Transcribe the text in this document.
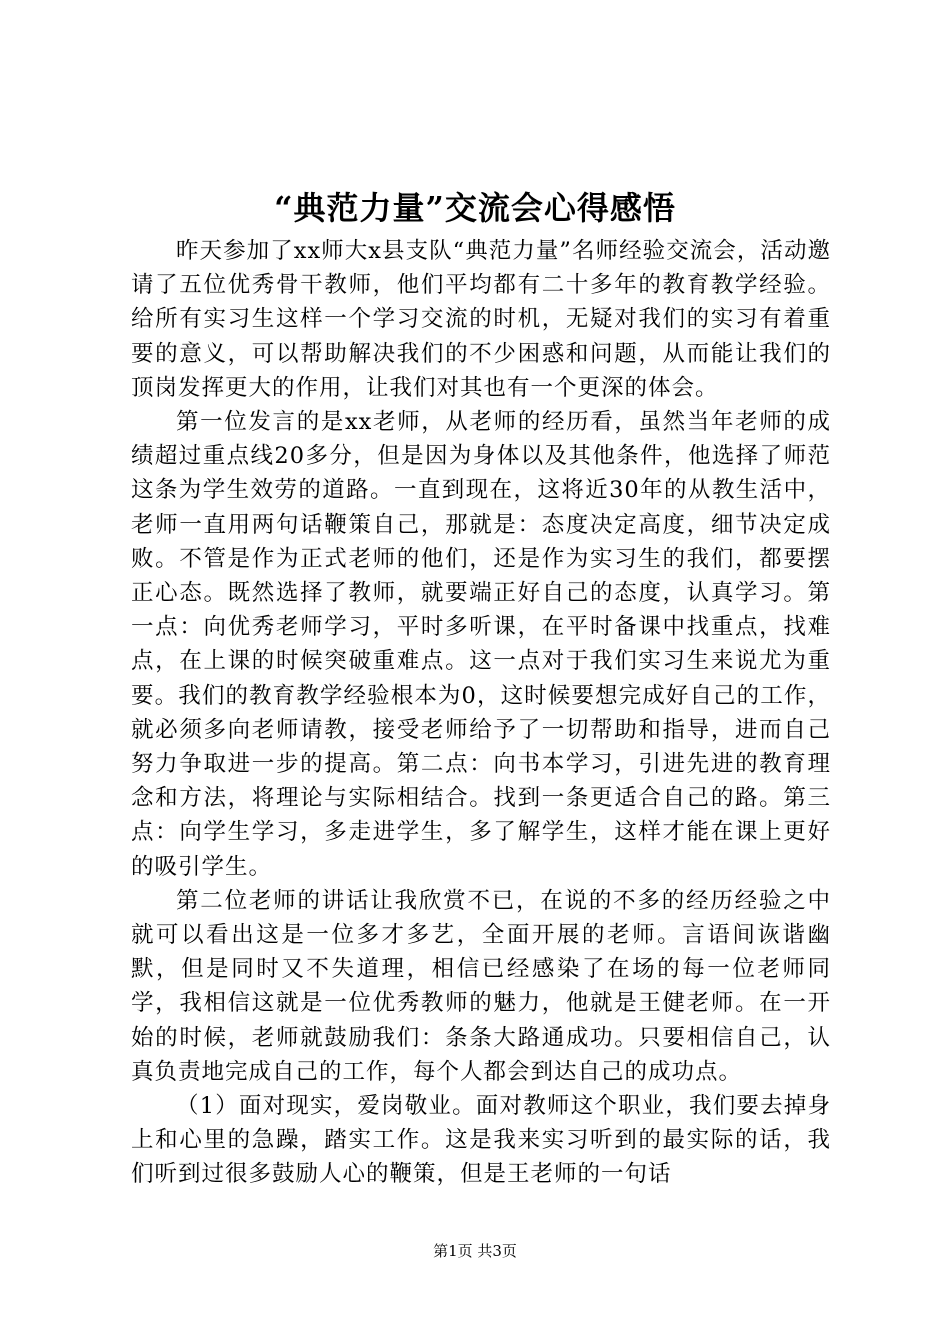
“典范力量”交流会心得感悟

昨天参加了xx师大x县支队“典范力量”名师经验交流会，活动邀请了五位优秀骨干教师，他们平均都有二十多年的教育教学经验。给所有实习生这样一个学习交流的时机，无疑对我们的实习有着重要的意义，可以帮助解决我们的不少困惑和问题，从而能让我们的顶岗发挥更大的作用，让我们对其也有一个更深的体会。

第一位发言的是xx老师，从老师的经历看，虽然当年老师的成绩超过重点线20多分，但是因为身体以及其他条件，他选择了师范这条为学生效劳的道路。一直到现在，这将近30年的从教生活中，老师一直用两句话鞭策自己，那就是：态度决定高度，细节决定成败。不管是作为正式老师的他们，还是作为实习生的我们，都要摆正心态。既然选择了教师，就要端正好自己的态度，认真学习。第一点：向优秀老师学习，平时多听课，在平时备课中找重点，找难点，在上课的时候突破重难点。这一点对于我们实习生来说尤为重要。我们的教育教学经验根本为0，这时候要想完成好自己的工作，就必须多向老师请教，接受老师给予了一切帮助和指导，进而自己努力争取进一步的提高。第二点：向书本学习，引进先进的教育理念和方法，将理论与实际相结合。找到一条更适合自己的路。第三点：向学生学习，多走进学生，多了解学生，这样才能在课上更好的吸引学生。

第二位老师的讲话让我欣赏不已，在说的不多的经历经验之中就可以看出这是一位多才多艺，全面开展的老师。言语间诙谐幽默，但是同时又不失道理，相信已经感染了在场的每一位老师同学，我相信这就是一位优秀教师的魅力，他就是王健老师。在一开始的时候，老师就鼓励我们：条条大路通成功。只要相信自己，认真负责地完成自己的工作，每个人都会到达自己的成功点。

（1）面对现实，爱岗敬业。面对教师这个职业，我们要去掉身上和心里的急躁，踏实工作。这是我来实习听到的最实际的话，我们听到过很多鼓励人心的鞭策，但是王老师的一句话

第1页 共3页
